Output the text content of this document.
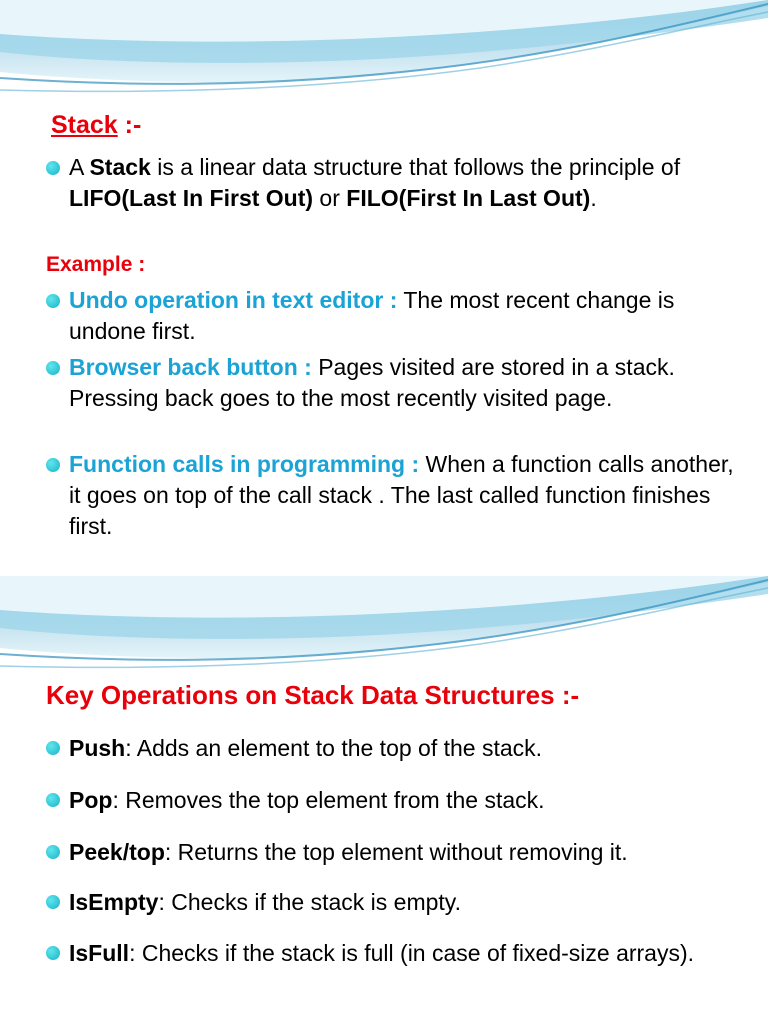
Stack :-
A Stack is a linear data structure that follows the principle of LIFO(Last In First Out) or FILO(First In Last Out).
Example :
Undo operation in text editor : The most recent change is undone first.
Browser back button : Pages visited are stored in a stack. Pressing back goes to the most recently visited page.
Function calls in programming : When a function calls another, it goes on top of the call stack . The last called function finishes first.
Key Operations on Stack Data Structures :-
Push: Adds an element to the top of the stack.
Pop: Removes the top element from the stack.
Peek/top: Returns the top element without removing it.
IsEmpty: Checks if the stack is empty.
IsFull: Checks if the stack is full (in case of fixed-size arrays).
